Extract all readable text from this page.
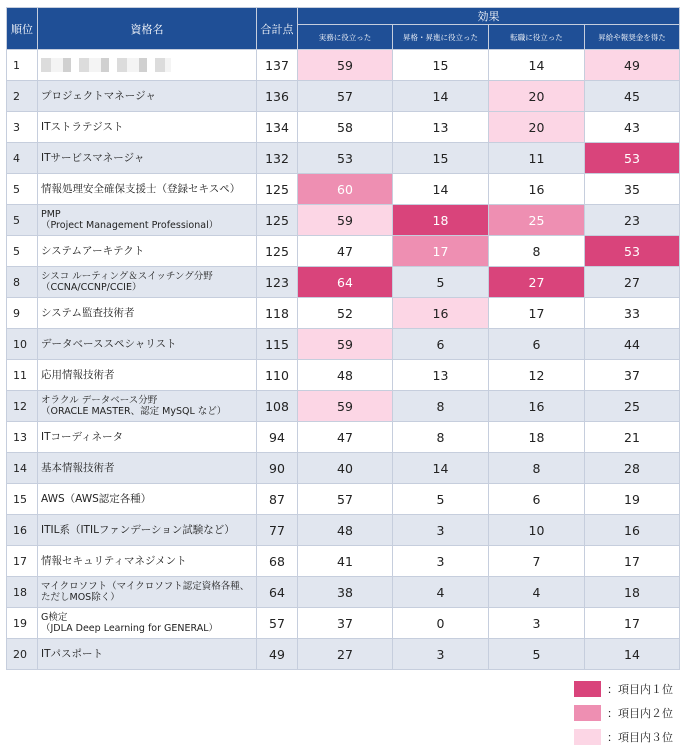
順位	資格名	合計点	効果			
			実務に役立った	昇格・昇進に役立った	転職に役立った	昇給や報奨金を得た
1		137	59	15	14	49
2	プロジェクトマネージャ	136	57	14	20	45
3	ITストラテジスト	134	58	13	20	43
4	ITサービスマネージャ	132	53	15	11	53
5	情報処理安全確保支援士（登録セキスペ）	125	60	14	16	35
5	PMP
（Project Management Professional）	125	59	18	25	23
5	システムアーキテクト	125	47	17	8	53
8	シスコ ルーティング＆スイッチング分野
（CCNA/CCNP/CCIE）	123	64	5	27	27
9	システム監査技術者	118	52	16	17	33
10	データベーススペシャリスト	115	59	6	6	44
11	応用情報技術者	110	48	13	12	37
12	オラクル データベース分野
（ORACLE MASTER、認定 MySQL など）	108	59	8	16	25
13	ITコーディネータ	94	47	8	18	21
14	基本情報技術者	90	40	14	8	28
15	AWS（AWS認定各種）	87	57	5	6	19
16	ITIL系（ITILファンデーション試験など）	77	48	3	10	16
17	情報セキュリティマネジメント	68	41	3	7	17
18	マイクロソフト（マイクロソフト認定資格各種、
ただしMOS除く）	64	38	4	4	18
19	G検定
（JDLA Deep Learning for GENERAL）	57	37	0	3	17
20	ITパスポート	49	27	3	5	14
：項目内１位
：項目内２位
：項目内３位
